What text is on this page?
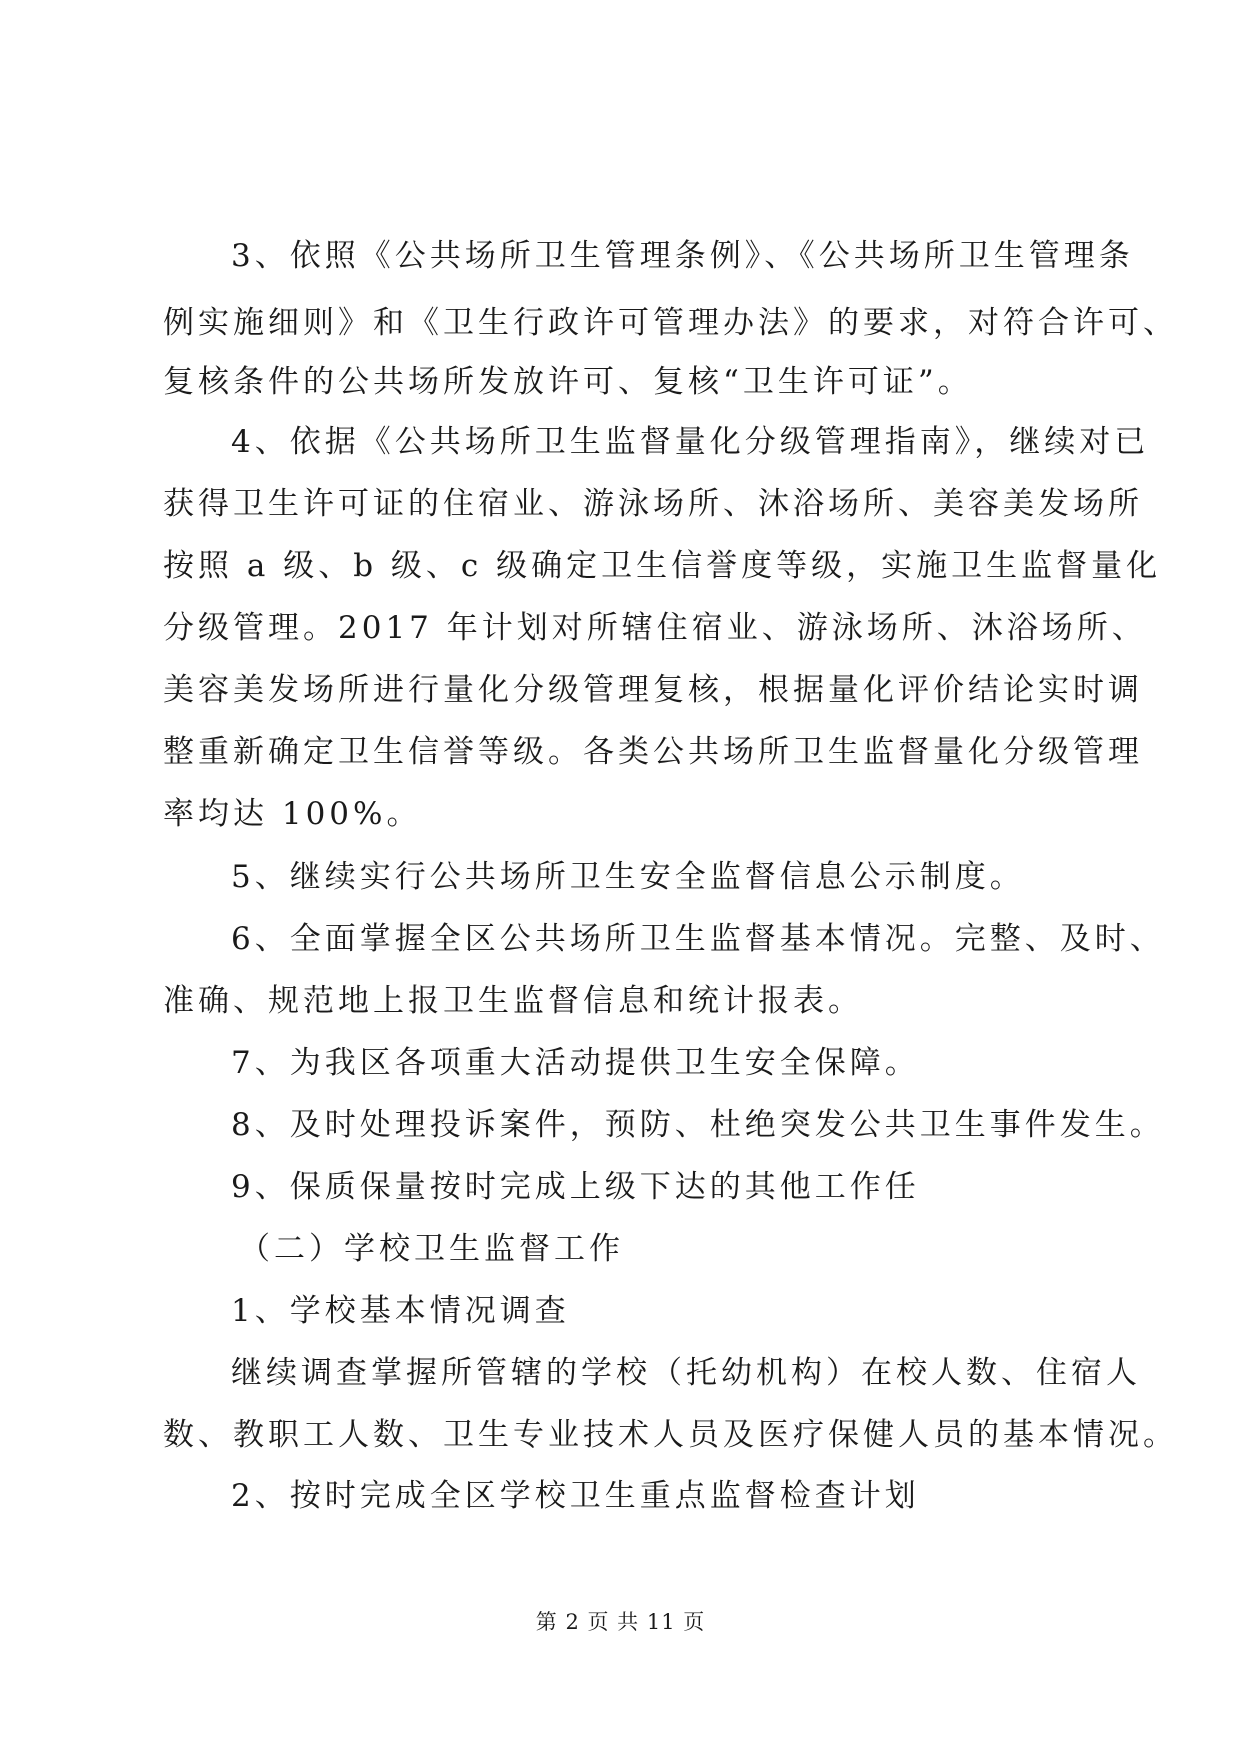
3、依照《公共场所卫生管理条例》、《公共场所卫生管理条
例实施细则》和《卫生行政许可管理办法》的要求，对符合许可、
复核条件的公共场所发放许可、复核“卫生许可证”。
4、依据《公共场所卫生监督量化分级管理指南》，继续对已
获得卫生许可证的住宿业、游泳场所、沐浴场所、美容美发场所
按照 a 级、b 级、c 级确定卫生信誉度等级，实施卫生监督量化
分级管理。2017 年计划对所辖住宿业、游泳场所、沐浴场所、
美容美发场所进行量化分级管理复核，根据量化评价结论实时调
整重新确定卫生信誉等级。各类公共场所卫生监督量化分级管理
率均达 100%。
5、继续实行公共场所卫生安全监督信息公示制度。
6、全面掌握全区公共场所卫生监督基本情况。完整、及时、
准确、规范地上报卫生监督信息和统计报表。
7、为我区各项重大活动提供卫生安全保障。
8、及时处理投诉案件，预防、杜绝突发公共卫生事件发生。
9、保质保量按时完成上级下达的其他工作任
（二）学校卫生监督工作
1、学校基本情况调查
继续调查掌握所管辖的学校（托幼机构）在校人数、住宿人
数、教职工人数、卫生专业技术人员及医疗保健人员的基本情况。
2、按时完成全区学校卫生重点监督检查计划
第 2 页 共 11 页
